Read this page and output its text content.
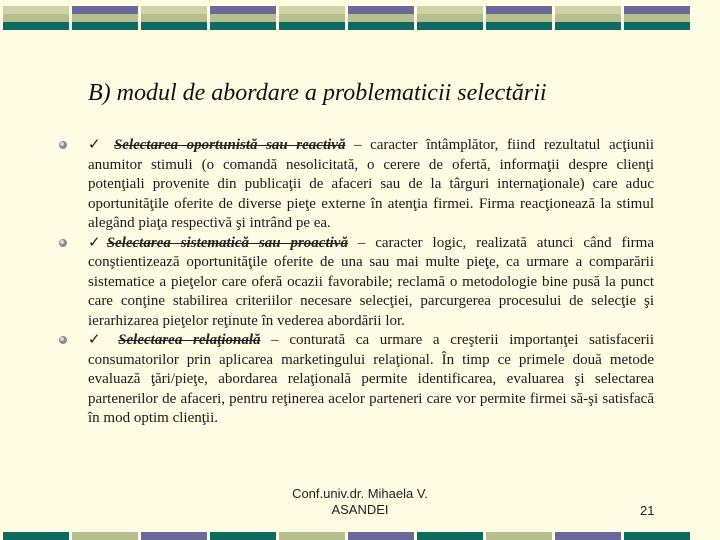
B) modul de abordare a problematicii selectării
✓ Selectarea oportunistă sau reactivă – caracter întâmplător, fiind rezultatul acţiunii anumitor stimuli (o comandă nesolicitată, o cerere de ofertă, informaţii despre clienţi potenţiali provenite din publicaţii de afaceri sau de la târguri internaţionale) care aduc oportunităţile oferite de diverse pieţe externe în atenţia firmei. Firma reacţionează la stimul alegând piaţa respectivă şi intrând pe ea.
✓Selectarea sistematică sau proactivă – caracter logic, realizată atunci când firma conştientizează oportunităţile oferite de una sau mai multe pieţe, ca urmare a comparării sistematice a pieţelor care oferă ocazii favorabile; reclamă o metodologie bine pusă la punct care conţine stabilirea criteriilor necesare selecţiei, parcurgerea procesului de selecţie şi ierarhizarea pieţelor reţinute în vederea abordării lor.
✓ Selectarea relaţională – conturată ca urmare a creşterii importanţei satisfacerii consumatorilor prin aplicarea marketingului relaţional. În timp ce primele două metode evaluază ţări/pieţe, abordarea relaţională permite identificarea, evaluarea şi selectarea partenerilor de afaceri, pentru reţinerea acelor parteneri care vor permite firmei să-şi satisfacă în mod optim clienţii.
Conf.univ.dr. Mihaela V.
ASANDEI	21
